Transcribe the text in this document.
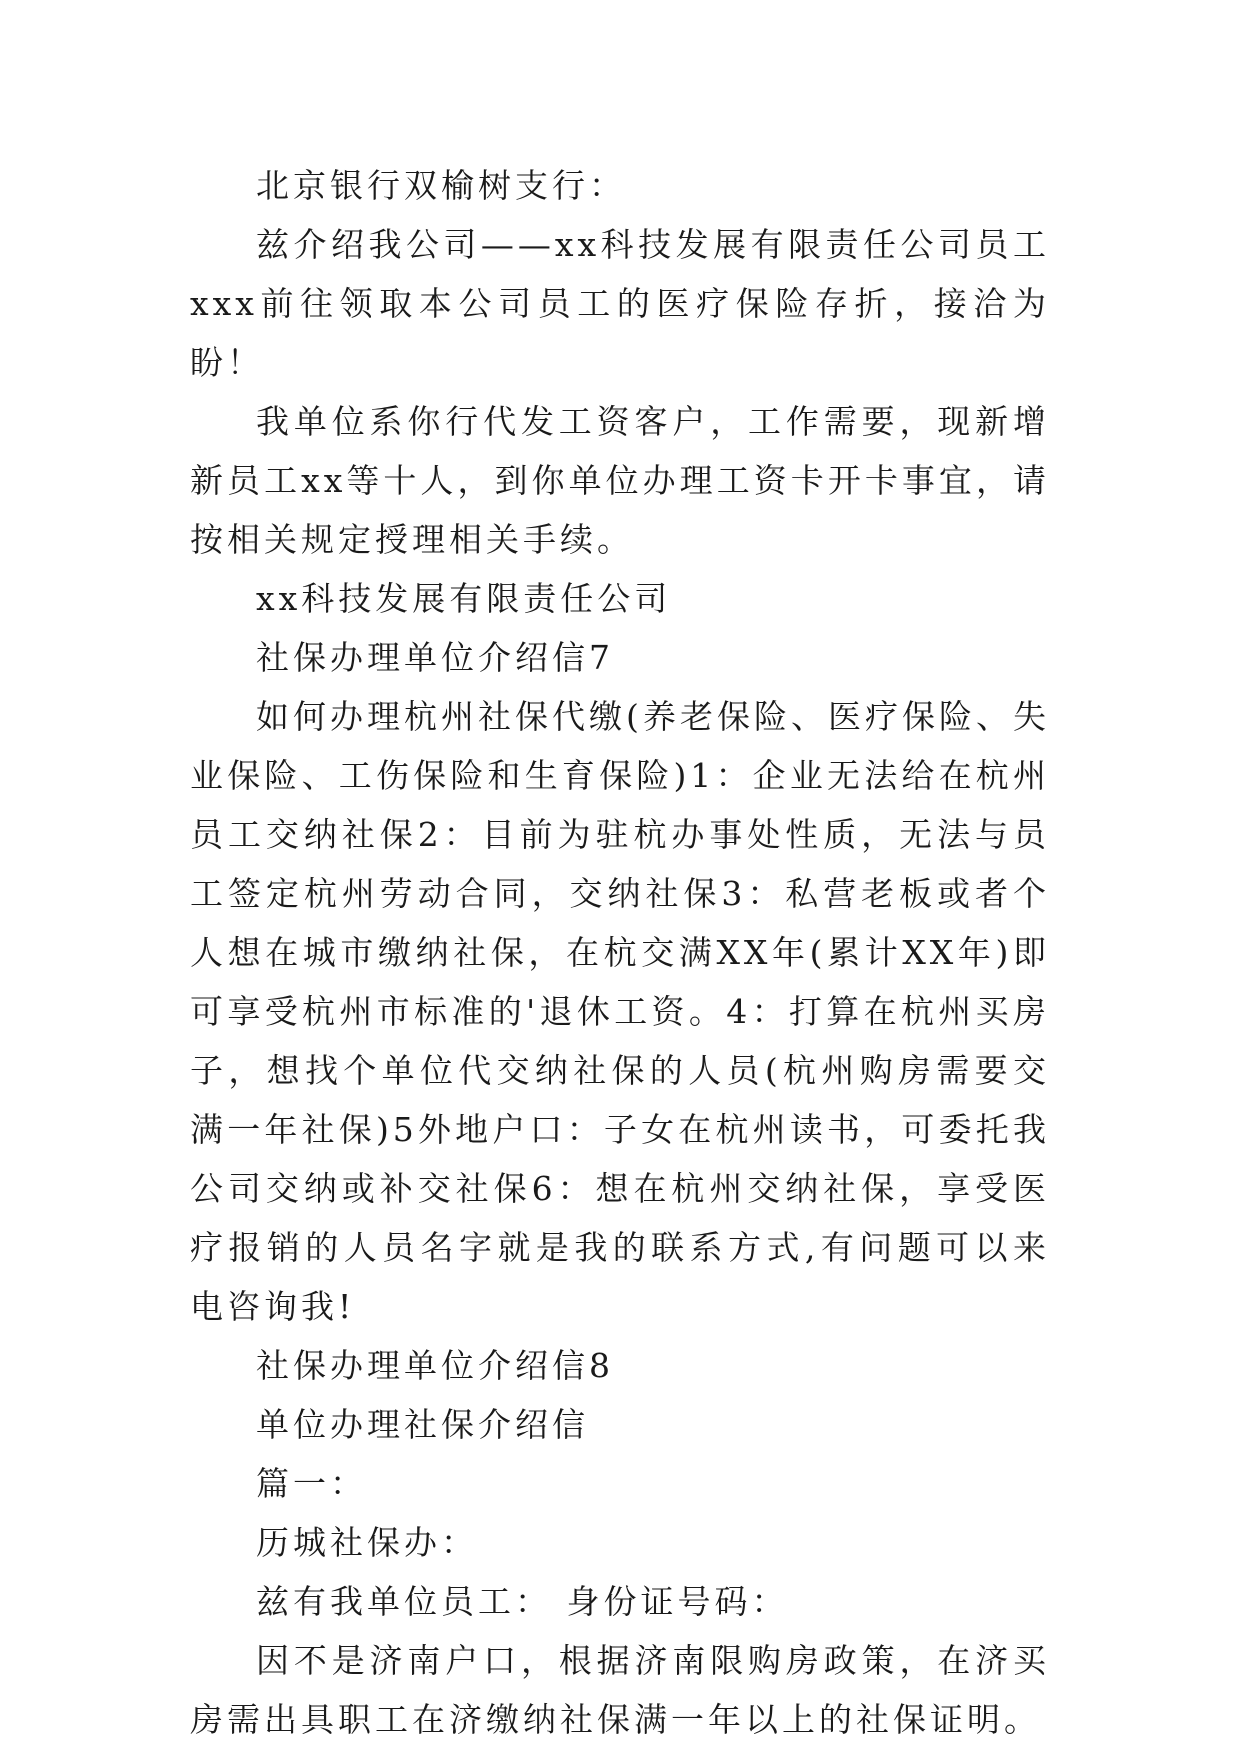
北京银行双榆树支行：

兹介绍我公司——xx科技发展有限责任公司员工xxx前往领取本公司员工的医疗保险存折，接洽为盼！

我单位系你行代发工资客户，工作需要，现新增新员工xx等十人，到你单位办理工资卡开卡事宜，请按相关规定授理相关手续。

xx科技发展有限责任公司

社保办理单位介绍信7

如何办理杭州社保代缴(养老保险、医疗保险、失业保险、工伤保险和生育保险)1：企业无法给在杭州员工交纳社保2：目前为驻杭办事处性质，无法与员工签定杭州劳动合同，交纳社保3：私营老板或者个人想在城市缴纳社保，在杭交满XX年(累计XX年)即可享受杭州市标准的'退休工资。4：打算在杭州买房子，想找个单位代交纳社保的人员(杭州购房需要交满一年社保)5外地户口：子女在杭州读书，可委托我公司交纳或补交社保6：想在杭州交纳社保，享受医疗报销的人员名字就是我的联系方式,有问题可以来电咨询我!

社保办理单位介绍信8

单位办理社保介绍信

篇一：

历城社保办：

兹有我单位员工： 身份证号码：

因不是济南户口，根据济南限购房政策，在济买房需出具职工在济缴纳社保满一年以上的社保证明。
